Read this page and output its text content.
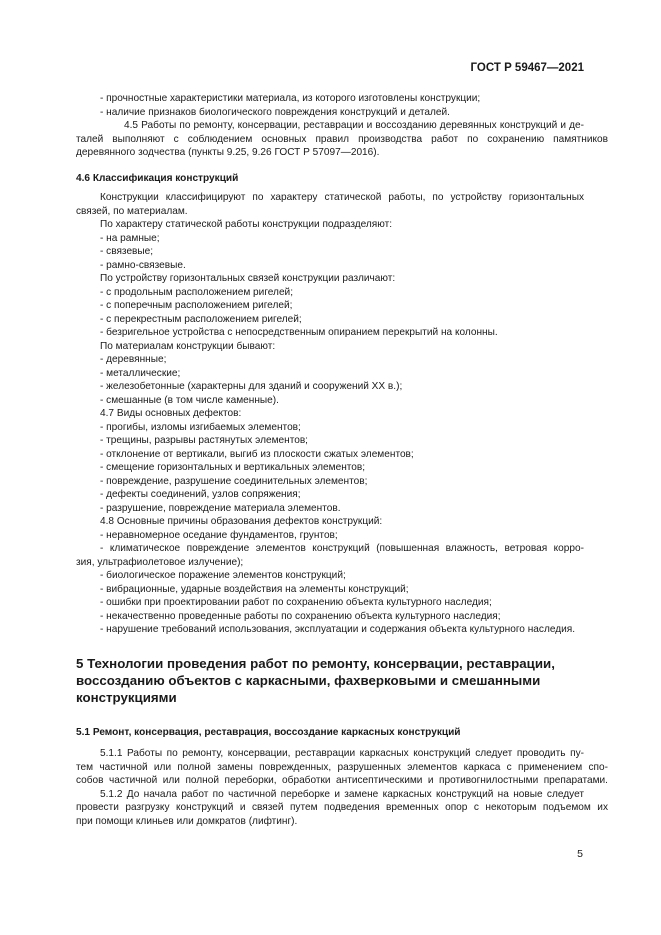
ГОСТ Р 59467—2021
- прочностные характеристики материала, из которого изготовлены конструкции;
- наличие признаков биологического повреждения конструкций и деталей.
4.5 Работы по ремонту, консервации, реставрации и воссозданию деревянных конструкций и де-
талей выполняют с соблюдением основных правил производства работ по сохранению памятников
деревянного зодчества (пункты 9.25, 9.26 ГОСТ Р 57097—2016).
4.6 Классификация конструкций
Конструкции классифицируют по характеру статической работы, по устройству горизонтальных
связей, по материалам.
По характеру статической работы конструкции подразделяют:
- на рамные;
- связевые;
- рамно-связевые.
По устройству горизонтальных связей конструкции различают:
- с продольным расположением ригелей;
- с поперечным расположением ригелей;
- с перекрестным расположением ригелей;
- безригельное устройства с непосредственным опиранием перекрытий на колонны.
По материалам конструкции бывают:
- деревянные;
- металлические;
- железобетонные (характерны для зданий и сооружений XX в.);
- смешанные (в том числе каменные).
4.7 Виды основных дефектов:
- прогибы, изломы изгибаемых элементов;
- трещины, разрывы растянутых элементов;
- отклонение от вертикали, выгиб из плоскости сжатых элементов;
- смещение горизонтальных и вертикальных элементов;
- повреждение, разрушение соединительных элементов;
- дефекты соединений, узлов сопряжения;
- разрушение, повреждение материала элементов.
4.8 Основные причины образования дефектов конструкций:
- неравномерное оседание фундаментов, грунтов;
- климатическое повреждение элементов конструкций (повышенная влажность, ветровая корро-
зия, ультрафиолетовое излучение);
- биологическое поражение элементов конструкций;
- вибрационные, ударные воздействия на элементы конструкций;
- ошибки при проектировании работ по сохранению объекта культурного наследия;
- некачественно проведенные работы по сохранению объекта культурного наследия;
- нарушение требований использования, эксплуатации и содержания объекта культурного наследия.
5 Технологии проведения работ по ремонту, консервации, реставрации,
воссозданию объектов с каркасными, фахверковыми и смешанными
конструкциями
5.1 Ремонт, консервация, реставрация, воссоздание каркасных конструкций
5.1.1 Работы по ремонту, консервации, реставрации каркасных конструкций следует проводить пу-
тем частичной или полной замены поврежденных, разрушенных элементов каркаса с применением спо-
собов частичной или полной переборки, обработки антисептическими и противогнилостными препаратами.
5.1.2 До начала работ по частичной переборке и замене каркасных конструкций на новые следует
провести разгрузку конструкций и связей путем подведения временных опор с некоторым подъемом их
при помощи клиньев или домкратов (лифтинг).
5
